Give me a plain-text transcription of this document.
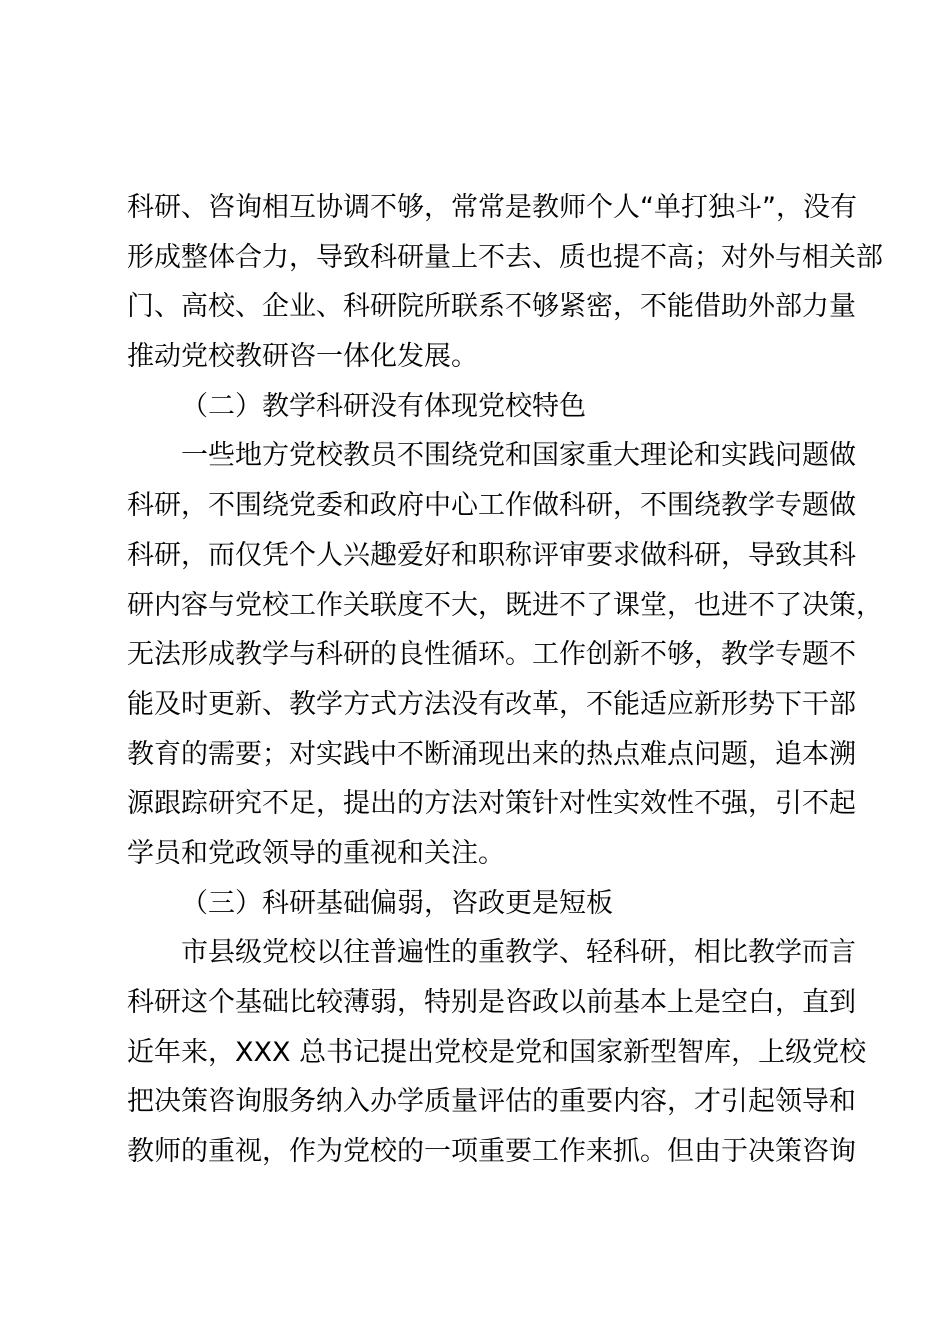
科研、咨询相互协调不够，常常是教师个人“单打独斗”，没有
形成整体合力，导致科研量上不去、质也提不高；对外与相关部
门、高校、企业、科研院所联系不够紧密，不能借助外部力量
推动党校教研咨一体化发展。
（二）教学科研没有体现党校特色
一些地方党校教员不围绕党和国家重大理论和实践问题做
科研，不围绕党委和政府中心工作做科研，不围绕教学专题做
科研，而仅凭个人兴趣爱好和职称评审要求做科研，导致其科
研内容与党校工作关联度不大，既进不了课堂，也进不了决策，
无法形成教学与科研的良性循环。工作创新不够，教学专题不
能及时更新、教学方式方法没有改革，不能适应新形势下干部
教育的需要；对实践中不断涌现出来的热点难点问题，追本溯
源跟踪研究不足，提出的方法对策针对性实效性不强，引不起
学员和党政领导的重视和关注。
（三）科研基础偏弱，咨政更是短板
市县级党校以往普遍性的重教学、轻科研，相比教学而言
科研这个基础比较薄弱，特别是咨政以前基本上是空白，直到
近年来，XXX 总书记提出党校是党和国家新型智库，上级党校
把决策咨询服务纳入办学质量评估的重要内容，才引起领导和
教师的重视，作为党校的一项重要工作来抓。但由于决策咨询
